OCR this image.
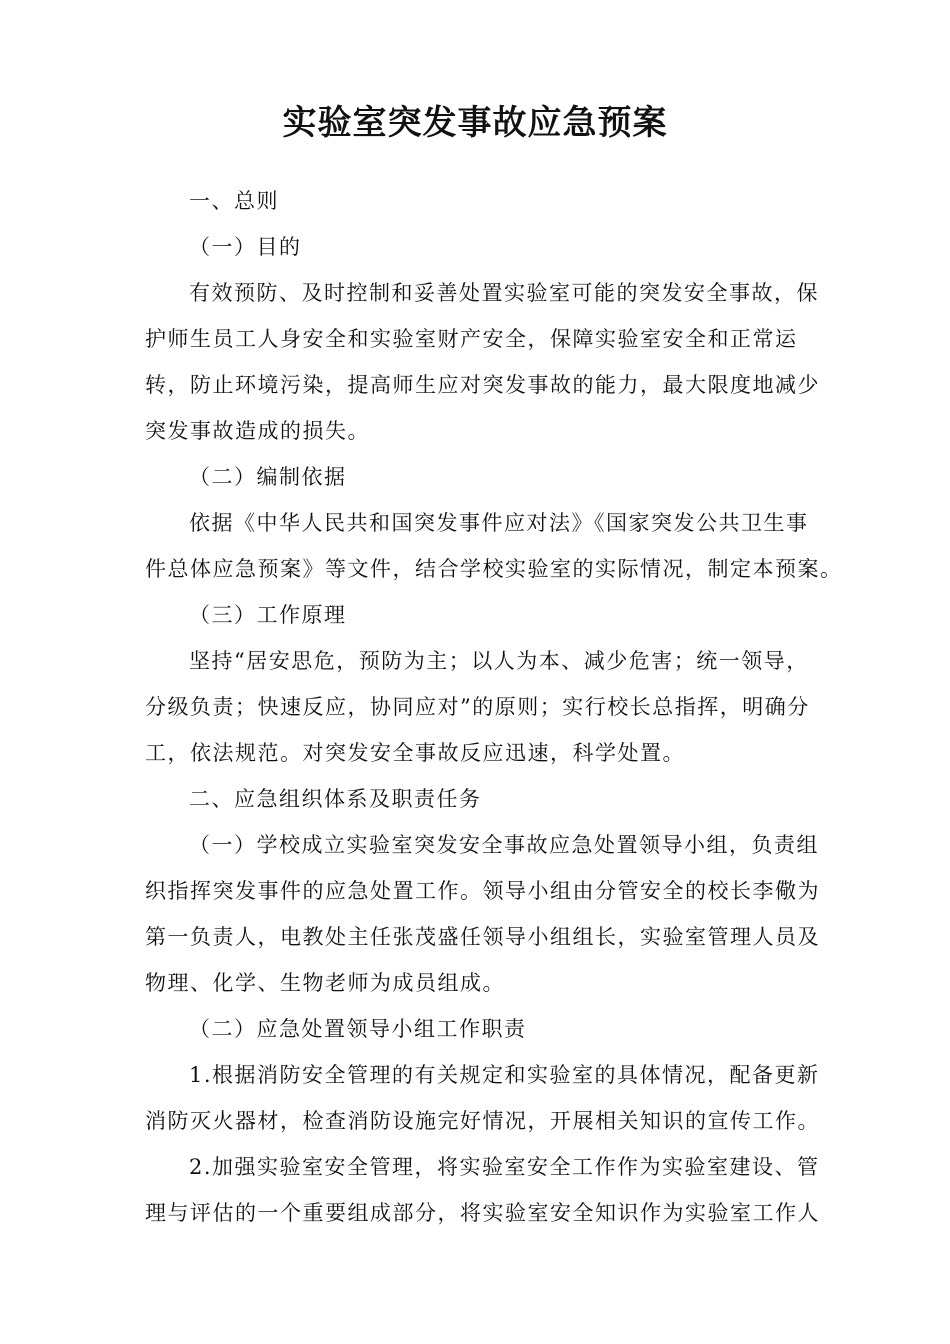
实验室突发事故应急预案
一、总则
（一）目的
有效预防、及时控制和妥善处置实验室可能的突发安全事故，保
护师生员工人身安全和实验室财产安全，保障实验室安全和正常运
转，防止环境污染，提高师生应对突发事故的能力，最大限度地减少
突发事故造成的损失。
（二）编制依据
依据《中华人民共和国突发事件应对法》《国家突发公共卫生事
件总体应急预案》等文件，结合学校实验室的实际情况，制定本预案。
（三）工作原理
坚持“居安思危，预防为主；以人为本、减少危害；统一领导，
分级负责；快速反应，协同应对”的原则；实行校长总指挥，明确分
工，依法规范。对突发安全事故反应迅速，科学处置。
二、应急组织体系及职责任务
（一）学校成立实验室突发安全事故应急处置领导小组，负责组
织指挥突发事件的应急处置工作。领导小组由分管安全的校长李儆为
第一负责人，电教处主任张茂盛任领导小组组长，实验室管理人员及
物理、化学、生物老师为成员组成。
（二）应急处置领导小组工作职责
1.根据消防安全管理的有关规定和实验室的具体情况，配备更新
消防灭火器材，检查消防设施完好情况，开展相关知识的宣传工作。
2.加强实验室安全管理，将实验室安全工作作为实验室建设、管
理与评估的一个重要组成部分，将实验室安全知识作为实验室工作人
